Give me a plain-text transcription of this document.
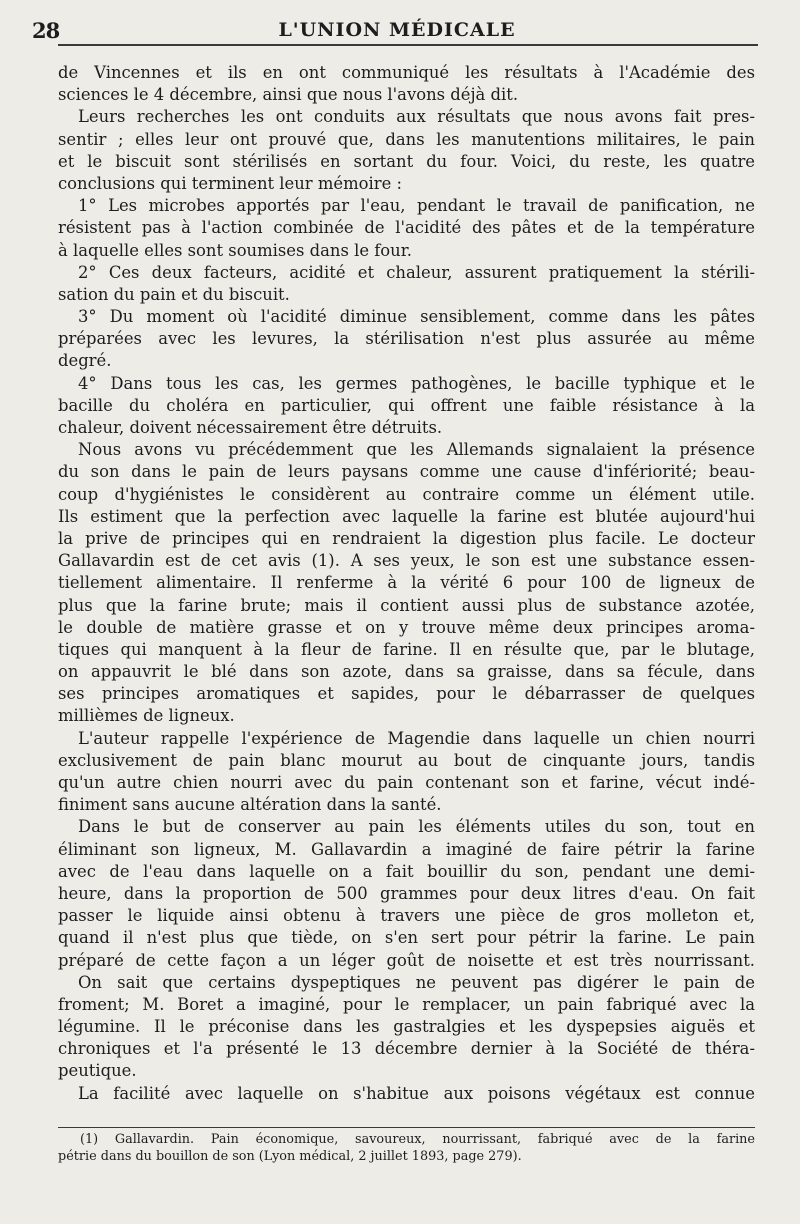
28	L'UNION MÉDICALE

de Vincennes et ils en ont communiqué les résultats à l'Académie des

sciences le 4 décembre, ainsi que nous l'avons déjà dit.

Leurs recherches les ont conduits aux résultats que nous avons fait pres-

sentir ; elles leur ont prouvé que, dans les manutentions militaires, le pain

et le biscuit sont stérilisés en sortant du four. Voici, du reste, les quatre

conclusions qui terminent leur mémoire :

1° Les microbes apportés par l'eau, pendant le travail de panification, ne

résistent pas à l'action combinée de l'acidité des pâtes et de la température

à laquelle elles sont soumises dans le four.

2° Ces deux facteurs, acidité et chaleur, assurent pratiquement la stérili-

sation du pain et du biscuit.

3° Du moment où l'acidité diminue sensiblement, comme dans les pâtes

préparées avec les levures, la stérilisation n'est plus assurée au même

degré.

4° Dans tous les cas, les germes pathogènes, le bacille typhique et le

bacille du choléra en particulier, qui offrent une faible résistance à la

chaleur, doivent nécessairement être détruits.

Nous avons vu précédemment que les Allemands signalaient la présence

du son dans le pain de leurs paysans comme une cause d'infériorité; beau-

coup d'hygiénistes le considèrent au contraire comme un élément utile.

Ils estiment que la perfection avec laquelle la farine est blutée aujourd'hui

la prive de principes qui en rendraient la digestion plus facile. Le docteur

Gallavardin est de cet avis (1). A ses yeux, le son est une substance essen-

tiellement alimentaire. Il renferme à la vérité 6 pour 100 de ligneux de

plus que la farine brute; mais il contient aussi plus de substance azotée,

le double de matière grasse et on y trouve même deux principes aroma-

tiques qui manquent à la fleur de farine. Il en résulte que, par le blutage,

on appauvrit le blé dans son azote, dans sa graisse, dans sa fécule, dans

ses principes aromatiques et sapides, pour le débarrasser de quelques

millièmes de ligneux.

L'auteur rappelle l'expérience de Magendie dans laquelle un chien nourri

exclusivement de pain blanc mourut au bout de cinquante jours, tandis

qu'un autre chien nourri avec du pain contenant son et farine, vécut indé-

finiment sans aucune altération dans la santé.

Dans le but de conserver au pain les éléments utiles du son, tout en

éliminant son ligneux, M. Gallavardin a imaginé de faire pétrir la farine

avec de l'eau dans laquelle on a fait bouillir du son, pendant une demi-

heure, dans la proportion de 500 grammes pour deux litres d'eau. On fait

passer le liquide ainsi obtenu à travers une pièce de gros molleton et,

quand il n'est plus que tiède, on s'en sert pour pétrir la farine. Le pain

préparé de cette façon a un léger goût de noisette et est très nourrissant.

On sait que certains dyspeptiques ne peuvent pas digérer le pain de

froment; M. Boret a imaginé, pour le remplacer, un pain fabriqué avec la

légumine. Il le préconise dans les gastralgies et les dyspepsies aiguës et

chroniques et l'a présenté le 13 décembre dernier à la Société de théra-

peutique.

La facilité avec laquelle on s'habitue aux poisons végétaux est connue

(1) Gallavardin. Pain économique, savoureux, nourrissant, fabriqué avec de la farine

pétrie dans du bouillon de son (Lyon médical, 2 juillet 1893, page 279).
